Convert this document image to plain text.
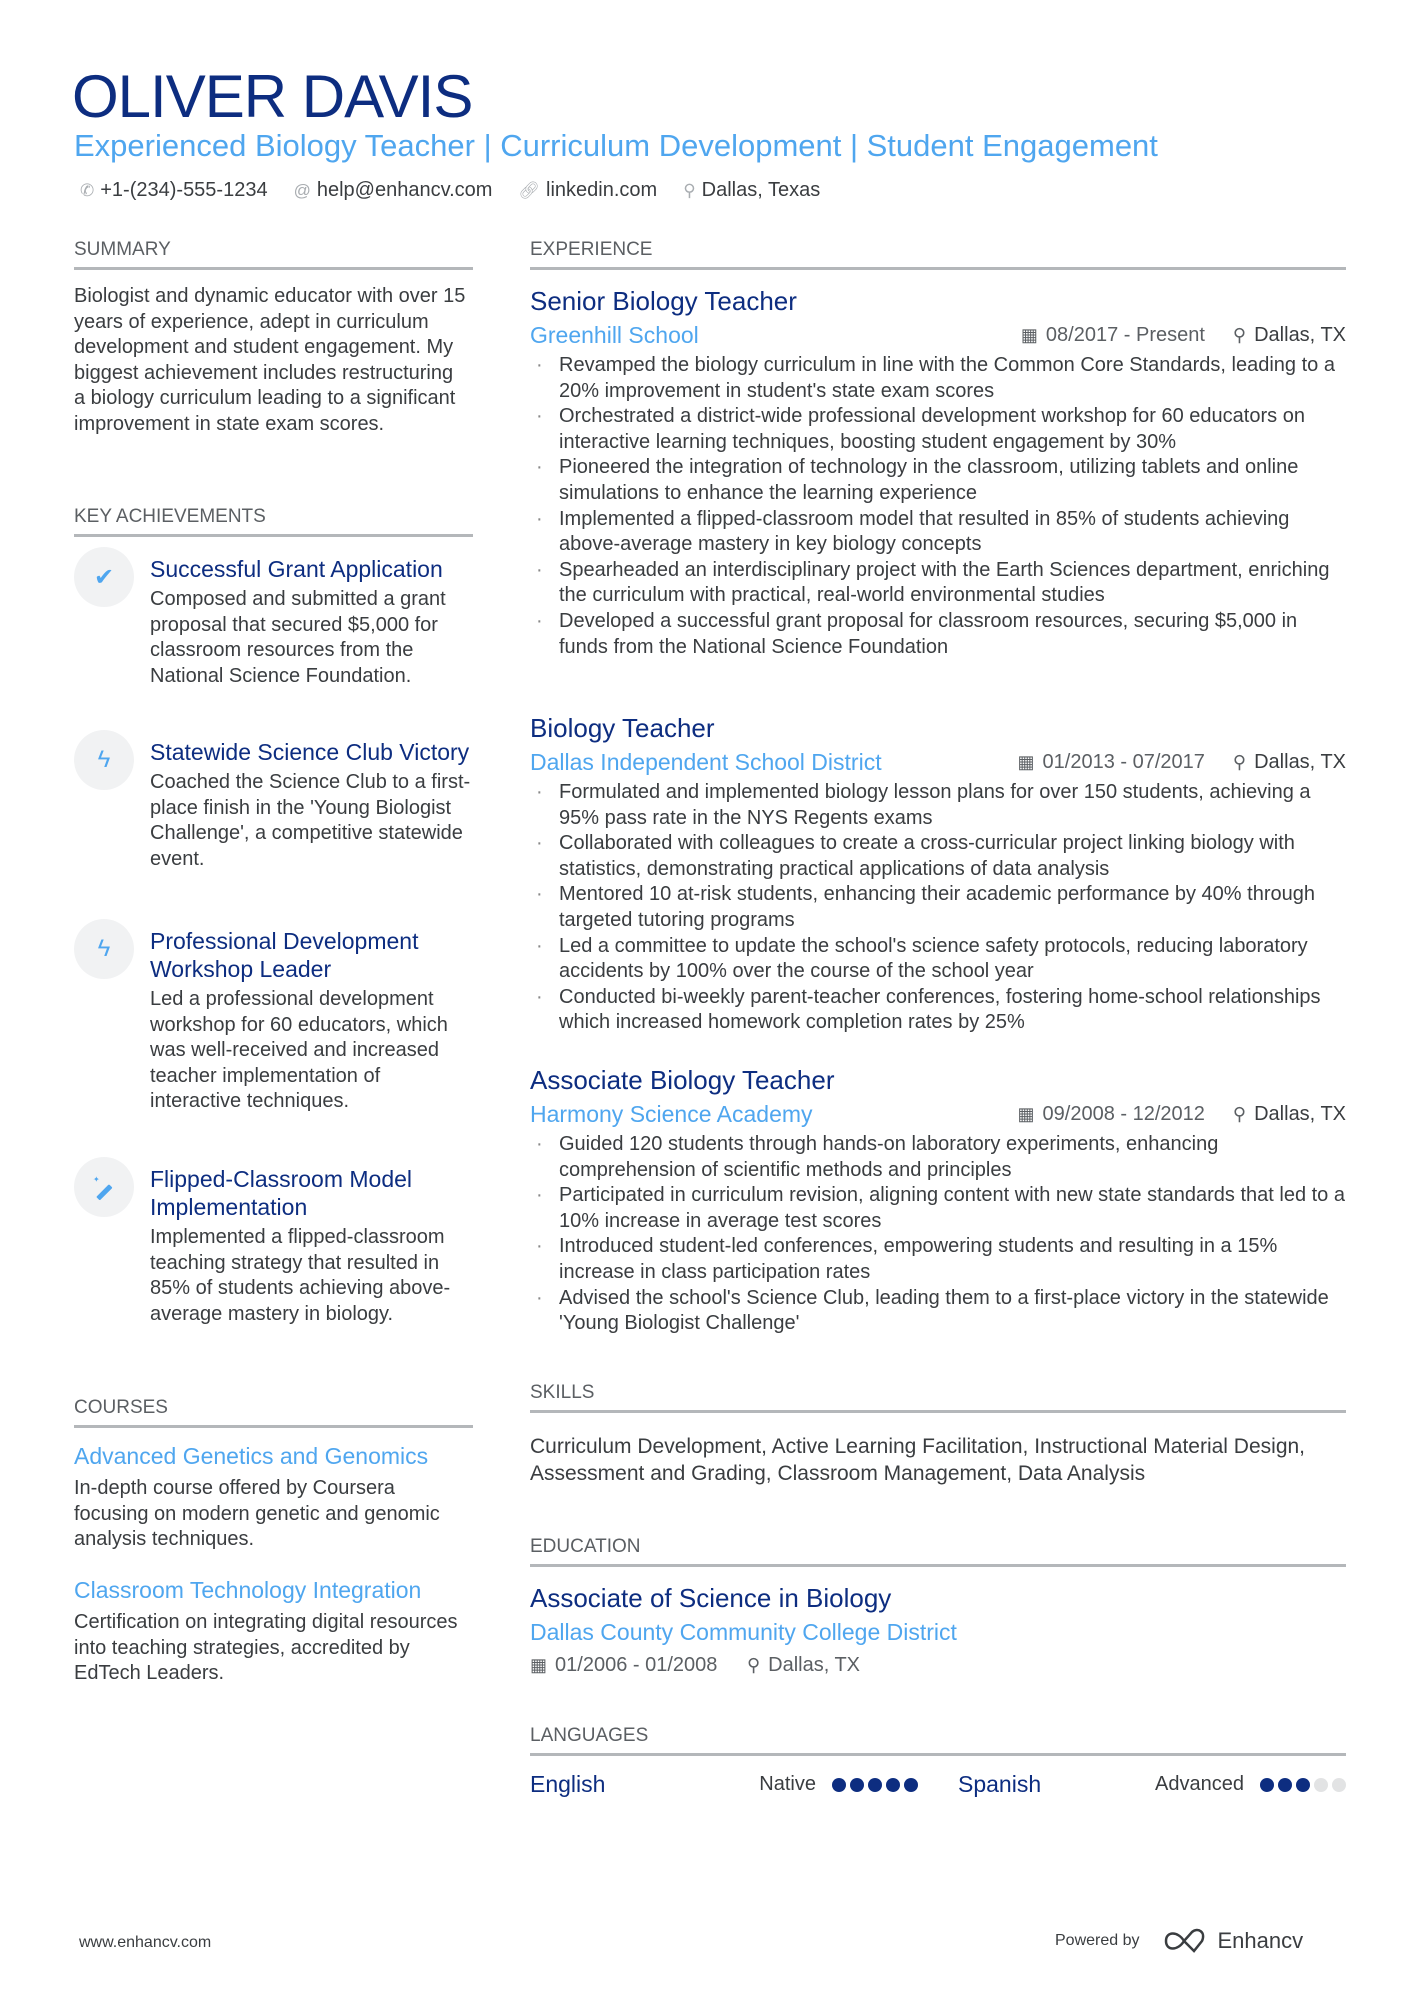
OLIVER DAVIS
Experienced Biology Teacher | Curriculum Development | Student Engagement
✆ +1-(234)-555-1234 @ help@enhancv.com 🔗︎ linkedin.com ⚲ Dallas, Texas
SUMMARY
Biologist and dynamic educator with over 15 years of experience, adept in curriculum development and student engagement. My biggest achievement includes restructuring a biology curriculum leading to a significant improvement in state exam scores.
KEY ACHIEVEMENTS
✔	Successful Grant Application
Composed and submitted a grant proposal that secured $5,000 for classroom resources from the National Science Foundation.
ϟ	Statewide Science Club Victory
Coached the Science Club to a first-place finish in the 'Young Biologist Challenge', a competitive statewide event.
ϟ	Professional Development Workshop Leader
Led a professional development workshop for 60 educators, which was well-received and increased teacher implementation of interactive techniques.
✦ Flipped-Classroom Model Implementation
Implemented a flipped-classroom teaching strategy that resulted in 85% of students achieving above-average mastery in biology.
COURSES
Advanced Genetics and Genomics
In-depth course offered by Coursera focusing on modern genetic and genomic analysis techniques.
Classroom Technology Integration
Certification on integrating digital resources into teaching strategies, accredited by EdTech Leaders.
EXPERIENCE
Senior Biology Teacher
Greenhill School	▦ 08/2017 - Present ⚲ Dallas, TX
· Revamped the biology curriculum in line with the Common Core Standards, leading to a 20% improvement in student's state exam scores
· Orchestrated a district-wide professional development workshop for 60 educators on interactive learning techniques, boosting student engagement by 30%
· Pioneered the integration of technology in the classroom, utilizing tablets and online simulations to enhance the learning experience
· Implemented a flipped-classroom model that resulted in 85% of students achieving above-average mastery in key biology concepts
· Spearheaded an interdisciplinary project with the Earth Sciences department, enriching the curriculum with practical, real-world environmental studies
· Developed a successful grant proposal for classroom resources, securing $5,000 in funds from the National Science Foundation
Biology Teacher
Dallas Independent School District	▦ 01/2013 - 07/2017 ⚲ Dallas, TX
· Formulated and implemented biology lesson plans for over 150 students, achieving a 95% pass rate in the NYS Regents exams
· Collaborated with colleagues to create a cross-curricular project linking biology with statistics, demonstrating practical applications of data analysis
· Mentored 10 at-risk students, enhancing their academic performance by 40% through targeted tutoring programs
· Led a committee to update the school's science safety protocols, reducing laboratory accidents by 100% over the course of the school year
· Conducted bi-weekly parent-teacher conferences, fostering home-school relationships which increased homework completion rates by 25%
Associate Biology Teacher
Harmony Science Academy	▦ 09/2008 - 12/2012 ⚲ Dallas, TX
· Guided 120 students through hands-on laboratory experiments, enhancing comprehension of scientific methods and principles
· Participated in curriculum revision, aligning content with new state standards that led to a 10% increase in average test scores
· Introduced student-led conferences, empowering students and resulting in a 15% increase in class participation rates
· Advised the school's Science Club, leading them to a first-place victory in the statewide 'Young Biologist Challenge'
SKILLS
Curriculum Development, Active Learning Facilitation, Instructional Material Design, Assessment and Grading, Classroom Management, Data Analysis
EDUCATION
Associate of Science in Biology
Dallas County Community College District
▦ 01/2006 - 01/2008 ⚲ Dallas, TX
LANGUAGES
English	Native	Spanish	Advanced
www.enhancv.com	Powered by	Enhancv
